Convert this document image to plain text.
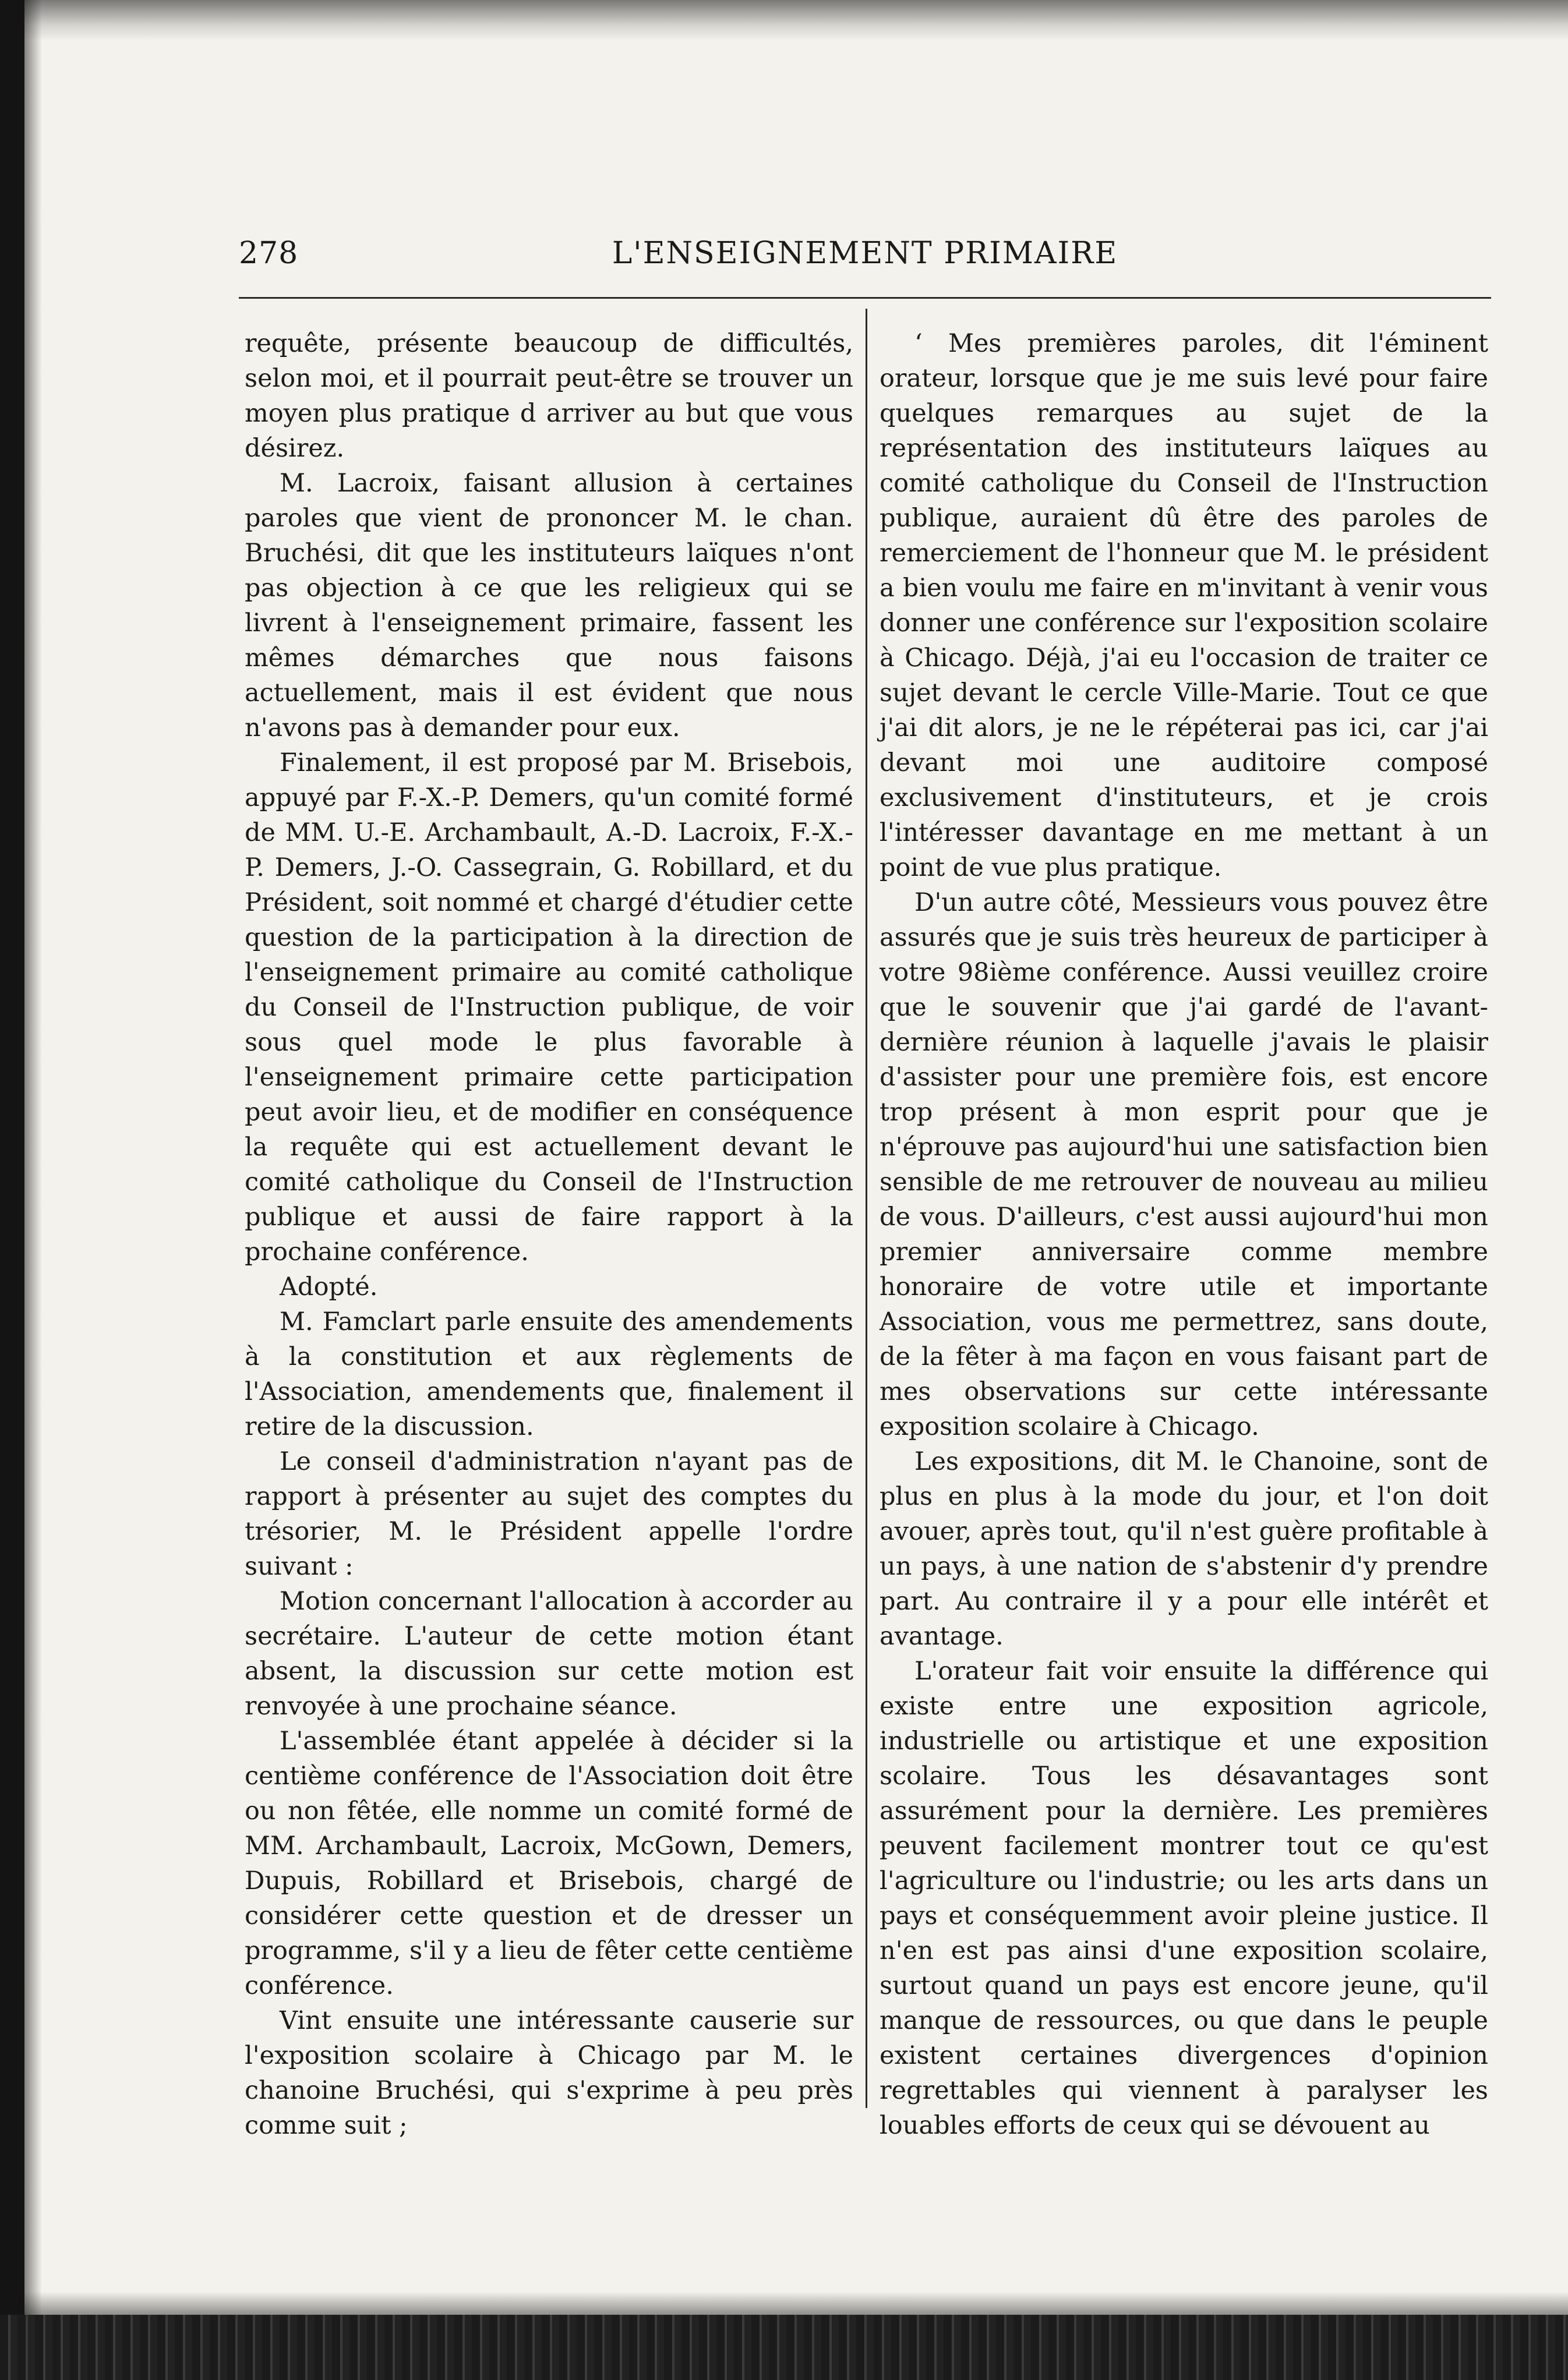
278	L'ENSEIGNEMENT PRIMAIRE

requête, présente beaucoup de difficultés, selon moi, et il pourrait peut-être se trouver un moyen plus pratique d arriver au but que vous désirez.

M. Lacroix, faisant allusion à certaines paroles que vient de prononcer M. le chan. Bruchési, dit que les instituteurs laïques n'ont pas objection à ce que les religieux qui se livrent à l'enseignement primaire, fassent les mêmes démarches que nous faisons actuellement, mais il est évident que nous n'avons pas à demander pour eux.

Finalement, il est proposé par M. Brisebois, appuyé par F.-X.-P. Demers, qu'un comité formé de MM. U.-E. Archambault, A.-D. Lacroix, F.-X.-P. Demers, J.-O. Cassegrain, G. Robillard, et du Président, soit nommé et chargé d'étudier cette question de la participation à la direction de l'enseignement primaire au comité catholique du Conseil de l'Instruction publique, de voir sous quel mode le plus favorable à l'enseignement primaire cette participation peut avoir lieu, et de modifier en conséquence la requête qui est actuellement devant le comité catholique du Conseil de l'Instruction publique et aussi de faire rapport à la prochaine conférence.

Adopté.

M. Famclart parle ensuite des amendements à la constitution et aux règlements de l'Association, amendements que, finalement il retire de la discussion.

Le conseil d'administration n'ayant pas de rapport à présenter au sujet des comptes du trésorier, M. le Président appelle l'ordre suivant :

Motion concernant l'allocation à accorder au secrétaire. L'auteur de cette motion étant absent, la discussion sur cette motion est renvoyée à une prochaine séance.

L'assemblée étant appelée à décider si la centième conférence de l'Association doit être ou non fêtée, elle nomme un comité formé de MM. Archambault, Lacroix, McGown, Demers, Dupuis, Robillard et Brisebois, chargé de considérer cette question et de dresser un programme, s'il y a lieu de fêter cette centième conférence.

Vint ensuite une intéressante causerie sur l'exposition scolaire à Chicago par M. le chanoine Bruchési, qui s'exprime à peu près comme suit ;

‘ Mes premières paroles, dit l'éminent orateur, lorsque que je me suis levé pour faire quelques remarques au sujet de la représentation des instituteurs laïques au comité catholique du Conseil de l'Instruction publique, auraient dû être des paroles de remerciement de l'honneur que M. le président a bien voulu me faire en m'invitant à venir vous donner une conférence sur l'exposition scolaire à Chicago. Déjà, j'ai eu l'occasion de traiter ce sujet devant le cercle Ville-Marie. Tout ce que j'ai dit alors, je ne le répéterai pas ici, car j'ai devant moi une auditoire composé exclusivement d'instituteurs, et je crois l'intéresser davantage en me mettant à un point de vue plus pratique.

D'un autre côté, Messieurs vous pouvez être assurés que je suis très heureux de participer à votre 98ième conférence. Aussi veuillez croire que le souvenir que j'ai gardé de l'avant-dernière réunion à laquelle j'avais le plaisir d'assister pour une première fois, est encore trop présent à mon esprit pour que je n'éprouve pas aujourd'hui une satisfaction bien sensible de me retrouver de nouveau au milieu de vous. D'ailleurs, c'est aussi aujourd'hui mon premier anniversaire comme membre honoraire de votre utile et importante Association, vous me permettrez, sans doute, de la fêter à ma façon en vous faisant part de mes observations sur cette intéressante exposition scolaire à Chicago.

Les expositions, dit M. le Chanoine, sont de plus en plus à la mode du jour, et l'on doit avouer, après tout, qu'il n'est guère profitable à un pays, à une nation de s'abstenir d'y prendre part. Au contraire il y a pour elle intérêt et avantage.

L'orateur fait voir ensuite la différence qui existe entre une exposition agricole, industrielle ou artistique et une exposition scolaire. Tous les désavantages sont assurément pour la dernière. Les premières peuvent facilement montrer tout ce qu'est l'agriculture ou l'industrie; ou les arts dans un pays et conséquemment avoir pleine justice. Il n'en est pas ainsi d'une exposition scolaire, surtout quand un pays est encore jeune, qu'il manque de ressources, ou que dans le peuple existent certaines divergences d'opinion regrettables qui viennent à paralyser les louables efforts de ceux qui se dévouent au
